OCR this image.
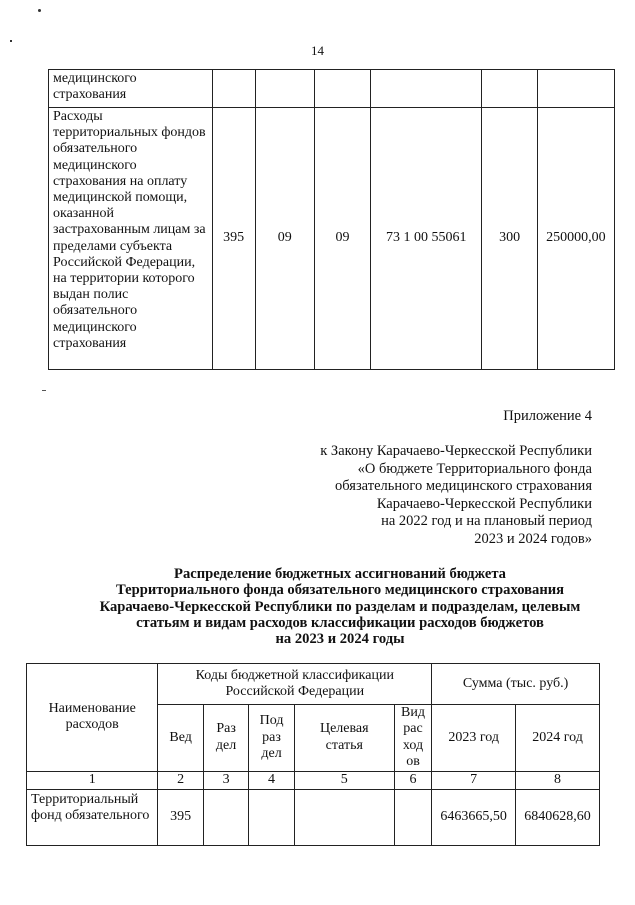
14
медицинского страхования						
Расходы территориальных фондов обязательного медицинского страхования на оплату медицинской помощи, оказанной застрахованным лицам за пределами субъекта Российской Федерации, на территории которого выдан полис обязательного медицинского страхования	395	09	09	73 1 00 55061	300	250000,00
Приложение 4
к Закону Карачаево-Черкесской Республики
«О бюджете Территориального фонда
обязательного медицинского страхования
Карачаево-Черкесской Республики
на 2022 год и на плановый период
2023 и 2024 годов»
Распределение бюджетных ассигнований бюджета
Территориального фонда обязательного медицинского страхования
Карачаево-Черкесской Республики по разделам и подразделам, целевым
статьям и видам расходов классификации расходов бюджетов
на 2023 и 2024 годы
Наименование расходов	Коды бюджетной классификации Российской Федерации					Сумма (тыс. руб.)	
	Вед	Раз дел	Под раз дел	Целевая статья	Вид рас ход ов	2023 год	2024 год
1	2	3	4	5	6	7	8
Территориальный фонд обязательного	395					6463665,50	6840628,60
